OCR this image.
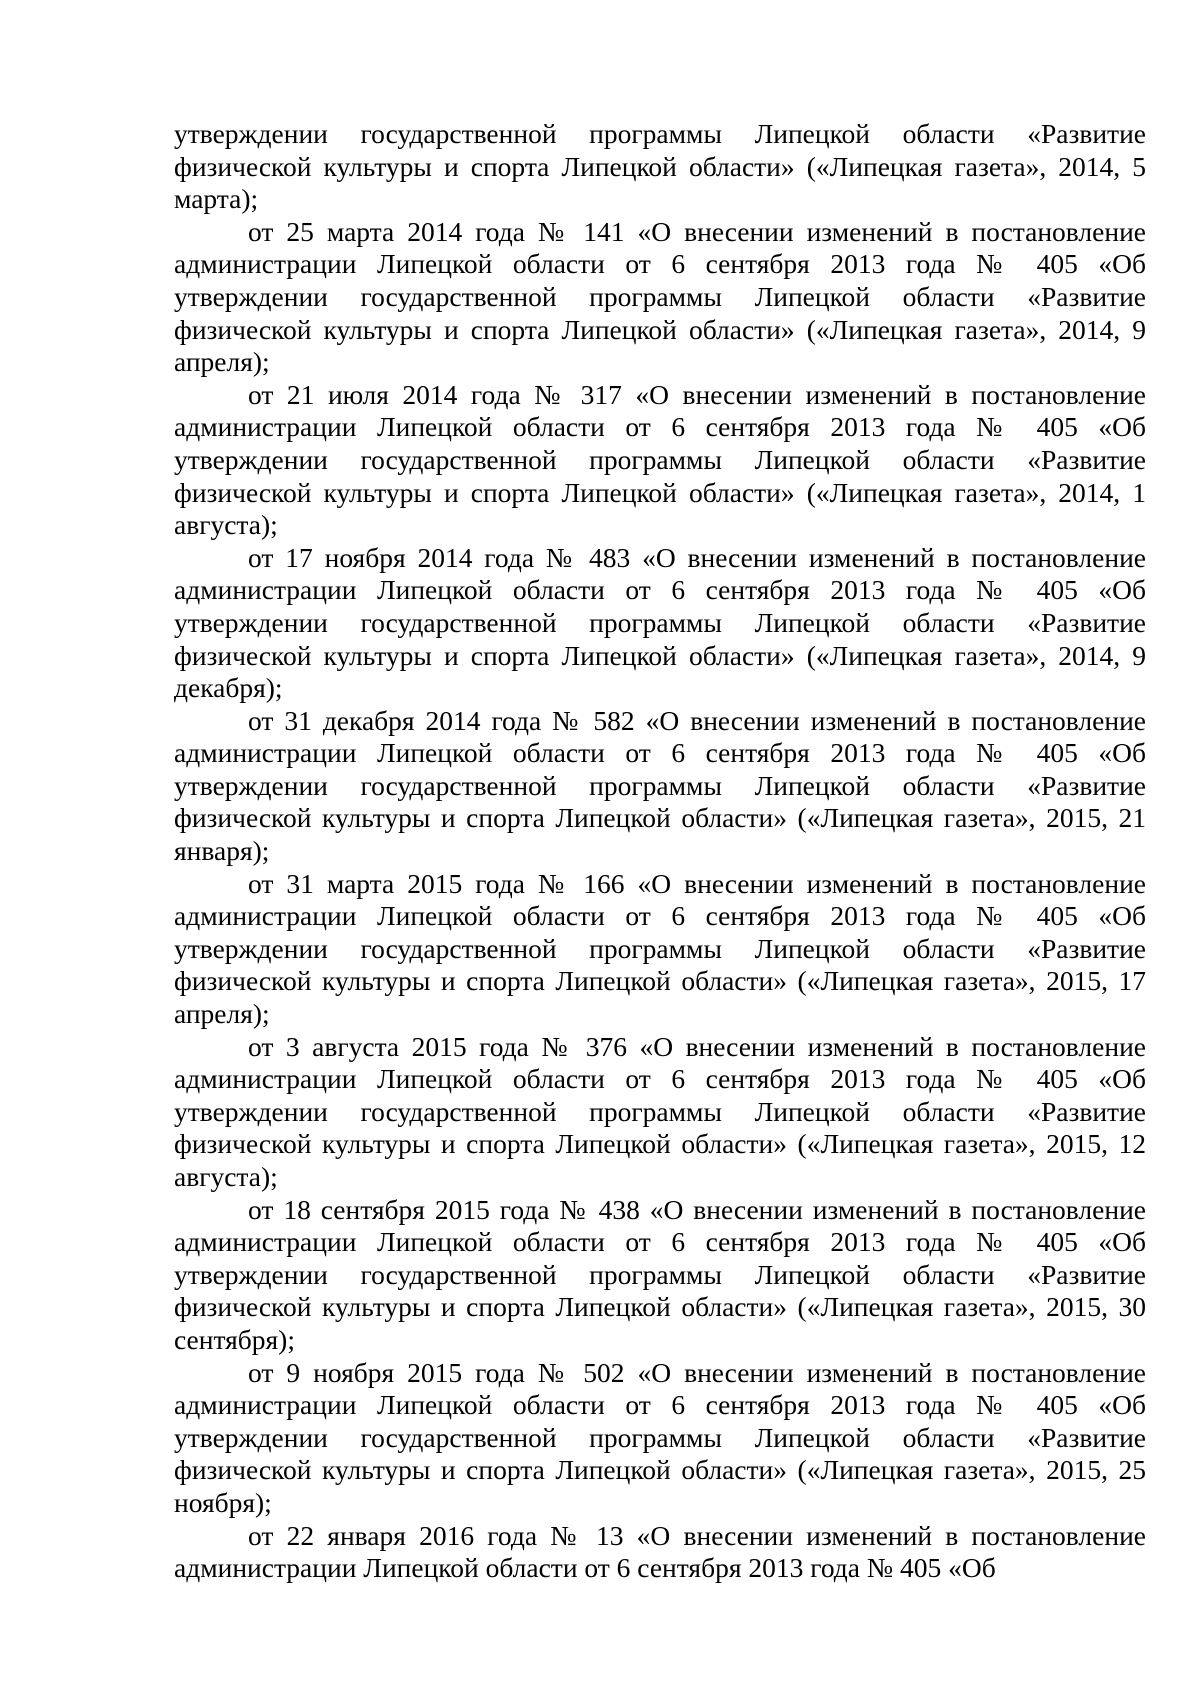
утверждении государственной программы Липецкой области «Развитие физической культуры и спорта Липецкой области» («Липецкая газета», 2014, 5 марта);

от 25 марта 2014 года № 141 «О внесении изменений в постановление администрации Липецкой области от 6 сентября 2013 года № 405 «Об утверждении государственной программы Липецкой области «Развитие физической культуры и спорта Липецкой области» («Липецкая газета», 2014, 9 апреля);

от 21 июля 2014 года № 317 «О внесении изменений в постановление администрации Липецкой области от 6 сентября 2013 года № 405 «Об утверждении государственной программы Липецкой области «Развитие физической культуры и спорта Липецкой области» («Липецкая газета», 2014, 1 августа);

от 17 ноября 2014 года № 483 «О внесении изменений в постановление администрации Липецкой области от 6 сентября 2013 года № 405 «Об утверждении государственной программы Липецкой области «Развитие физической культуры и спорта Липецкой области» («Липецкая газета», 2014, 9 декабря);

от 31 декабря 2014 года № 582 «О внесении изменений в постановление администрации Липецкой области от 6 сентября 2013 года № 405 «Об утверждении государственной программы Липецкой области «Развитие физической культуры и спорта Липецкой области» («Липецкая газета», 2015, 21 января);

от 31 марта 2015 года № 166 «О внесении изменений в постановление администрации Липецкой области от 6 сентября 2013 года № 405 «Об утверждении государственной программы Липецкой области «Развитие физической культуры и спорта Липецкой области» («Липецкая газета», 2015, 17 апреля);

от 3 августа 2015 года № 376 «О внесении изменений в постановление администрации Липецкой области от 6 сентября 2013 года № 405 «Об утверждении государственной программы Липецкой области «Развитие физической культуры и спорта Липецкой области» («Липецкая газета», 2015, 12 августа);

от 18 сентября 2015 года № 438 «О внесении изменений в постановление администрации Липецкой области от 6 сентября 2013 года № 405 «Об утверждении государственной программы Липецкой области «Развитие физической культуры и спорта Липецкой области» («Липецкая газета», 2015, 30 сентября);

от 9 ноября 2015 года № 502 «О внесении изменений в постановление администрации Липецкой области от 6 сентября 2013 года № 405 «Об утверждении государственной программы Липецкой области «Развитие физической культуры и спорта Липецкой области» («Липецкая газета», 2015, 25 ноября);

от 22 января 2016 года № 13 «О внесении изменений в постановление администрации Липецкой области от 6 сентября 2013 года № 405 «Об
